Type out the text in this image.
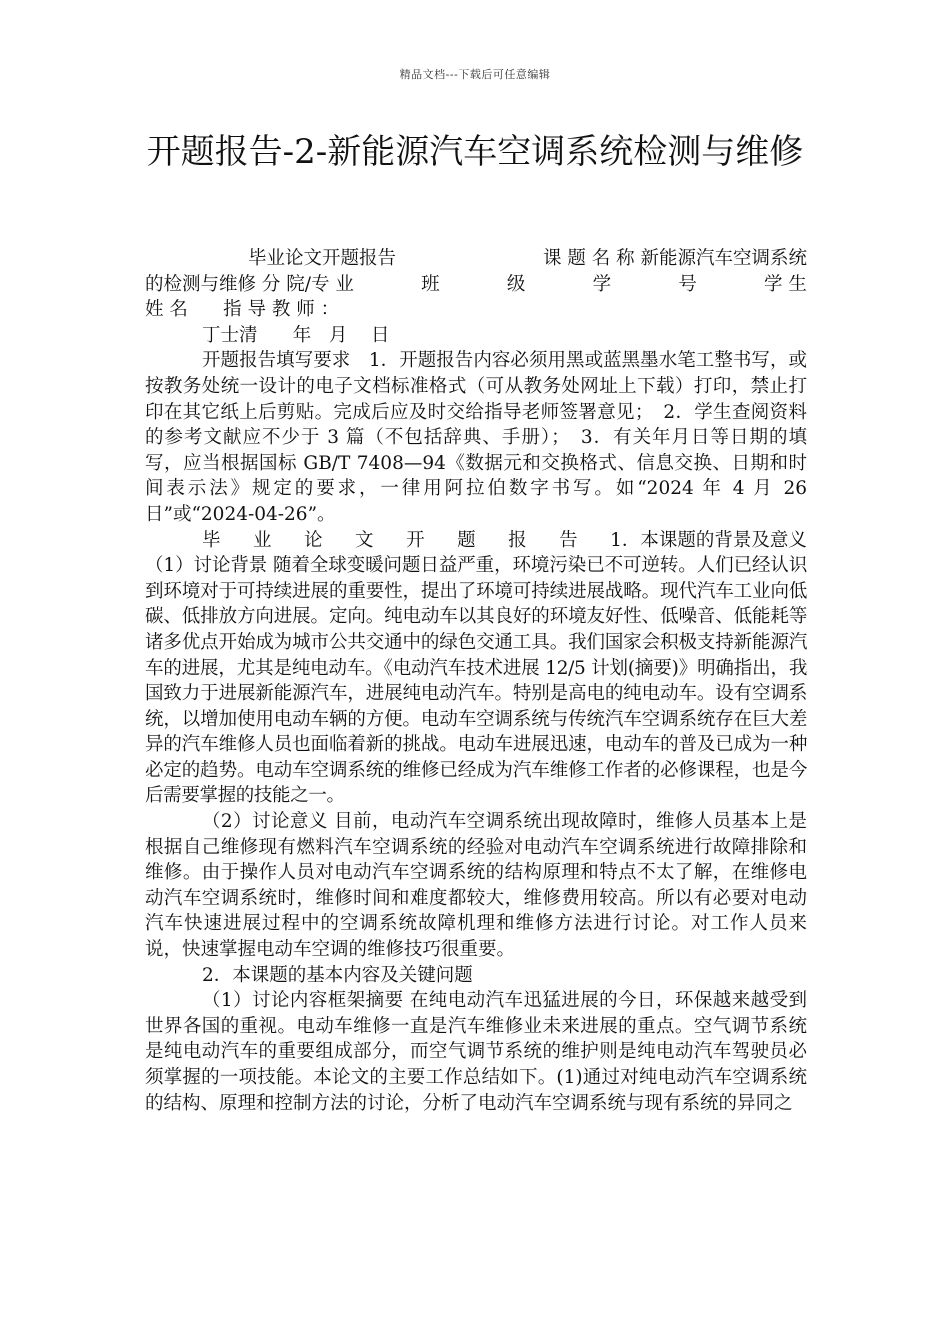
精品文档---下载后可任意编辑
开题报告-2-新能源汽车空调系统检测与维修
毕业论文开题报告	课 题 名 称 新能源汽车空调系统
的检测与维修 分 院/专 业	班	级	学	号	学 生
姓 名      指 导 教 师 ：
丁士清      年   月    日

开题报告填写要求　1．开题报告内容必须用黑或蓝黑墨水笔工整书写，或按教务处统一设计的电子文档标准格式（可从教务处网址上下载）打印，禁止打印在其它纸上后剪贴。完成后应及时交给指导老师签署意见；　2．学生查阅资料的参考文献应不少于 3 篇（不包括辞典、手册）；　3．有关年月日等日期的填写，应当根据国标 GB/T 7408—94《数据元和交换格式、信息交换、日期和时间表示法》规定的要求，一律用阿拉伯数字书写。如“2024 年 4 月 26 日”或“2024-04-26”。

毕 业 论 文 开 题 报 告 1．本课题的背景及意义

（1）讨论背景 随着全球变暖问题日益严重，环境污染已不可逆转。人们已经认识到环境对于可持续进展的重要性，提出了环境可持续进展战略。现代汽车工业向低碳、低排放方向进展。定向。纯电动车以其良好的环境友好性、低噪音、低能耗等诸多优点开始成为城市公共交通中的绿色交通工具。我们国家会积极支持新能源汽车的进展，尤其是纯电动车。《电动汽车技术进展 12/5 计划(摘要)》明确指出，我国致力于进展新能源汽车，进展纯电动汽车。特别是高电的纯电动车。设有空调系统，以增加使用电动车辆的方便。电动车空调系统与传统汽车空调系统存在巨大差异的汽车维修人员也面临着新的挑战。电动车进展迅速，电动车的普及已成为一种必定的趋势。电动车空调系统的维修已经成为汽车维修工作者的必修课程，也是今后需要掌握的技能之一。

（2）讨论意义 目前，电动汽车空调系统出现故障时，维修人员基本上是根据自己维修现有燃料汽车空调系统的经验对电动汽车空调系统进行故障排除和维修。由于操作人员对电动汽车空调系统的结构原理和特点不太了解，在维修电动汽车空调系统时，维修时间和难度都较大，维修费用较高。所以有必要对电动汽车快速进展过程中的空调系统故障机理和维修方法进行讨论。对工作人员来说，快速掌握电动车空调的维修技巧很重要。

2．本课题的基本内容及关键问题

（1）讨论内容框架摘要 在纯电动汽车迅猛进展的今日，环保越来越受到世界各国的重视。电动车维修一直是汽车维修业未来进展的重点。空气调节系统是纯电动汽车的重要组成部分，而空气调节系统的维护则是纯电动汽车驾驶员必须掌握的一项技能。本论文的主要工作总结如下。(1)通过对纯电动汽车空调系统的结构、原理和控制方法的讨论，分析了电动汽车空调系统与现有系统的异同之
